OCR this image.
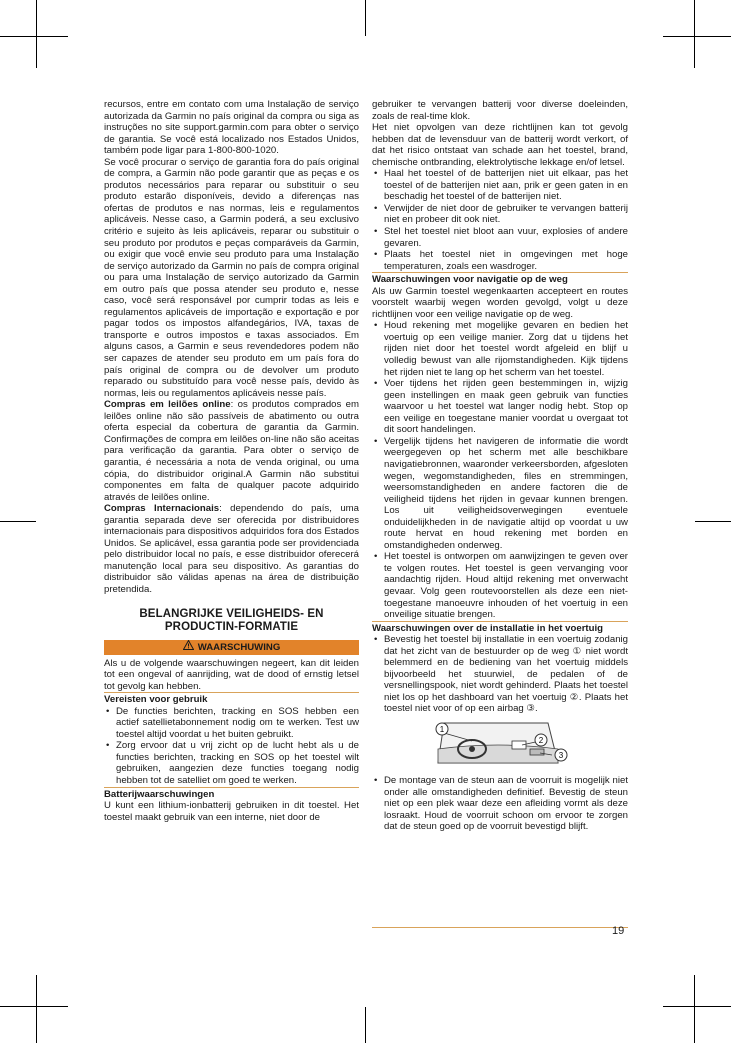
recursos, entre em contato com uma Instalação de serviço autorizada da Garmin no país original da compra ou siga as instruções no site support.garmin.com para obter o serviço de garantia. Se você está localizado nos Estados Unidos, também pode ligar para 1-800-800-1020.

Se você procurar o serviço de garantia fora do país original de compra, a Garmin não pode garantir que as peças e os produtos necessários para reparar ou substituir o seu produto estarão disponíveis, devido a diferenças nas ofertas de produtos e nas normas, leis e regulamentos aplicáveis. Nesse caso, a Garmin poderá, a seu exclusivo critério e sujeito às leis aplicáveis, reparar ou substituir o seu produto por produtos e peças comparáveis da Garmin, ou exigir que você envie seu produto para uma Instalação de serviço autorizado da Garmin no país de compra original ou para uma Instalação de serviço autorizado da Garmin em outro país que possa atender seu produto e, nesse caso, você será responsável por cumprir todas as leis e regulamentos aplicáveis de importação e exportação e por pagar todos os impostos alfandegários, IVA, taxas de transporte e outros impostos e taxas associados. Em alguns casos, a Garmin e seus revendedores podem não ser capazes de atender seu produto em um país fora do país original de compra ou de devolver um produto reparado ou substituído para você nesse país, devido às normas, leis ou regulamentos aplicáveis nesse país.

Compras em leilões online: os produtos comprados em leilões online não são passíveis de abatimento ou outra oferta especial da cobertura de garantia da Garmin. Confirmações de compra em leilões on-line não são aceitas para verificação da garantia. Para obter o serviço de garantia, é necessária a nota de venda original, ou uma cópia, do distribuidor original.A Garmin não substitui componentes em falta de qualquer pacote adquirido através de leilões online.

Compras Internacionais: dependendo do país, uma garantia separada deve ser oferecida por distribuidores internacionais para dispositivos adquiridos fora dos Estados Unidos. Se aplicável, essa garantia pode ser providenciada pelo distribuidor local no país, e esse distribuidor oferecerá manutenção local para seu dispositivo. As garantias do distribuidor são válidas apenas na área de distribuição pretendida.

BELANGRIJKE VEILIGHEIDS- EN PRODUCTIN-FORMATIE
WAARSCHUWING

Als u de volgende waarschuwingen negeert, kan dit leiden tot een ongeval of aanrijding, wat de dood of ernstig letsel tot gevolg kan hebben.

Vereisten voor gebruik

• De functies berichten, tracking en SOS hebben een actief satellietabonnement nodig om te werken. Test uw toestel altijd voordat u het buiten gebruikt.

• Zorg ervoor dat u vrij zicht op de lucht hebt als u de functies berichten, tracking en SOS op het toestel wilt gebruiken, aangezien deze functies toegang nodig hebben tot de satelliet om goed te werken.

Batterijwaarschuwingen

U kunt een lithium-ionbatterij gebruiken in dit toestel. Het toestel maakt gebruik van een interne, niet door de

gebruiker te vervangen batterij voor diverse doeleinden, zoals de real-time klok.

Het niet opvolgen van deze richtlijnen kan tot gevolg hebben dat de levensduur van de batterij wordt verkort, of dat het risico ontstaat van schade aan het toestel, brand, chemische ontbranding, elektrolytische lekkage en/of letsel.

• Haal het toestel of de batterijen niet uit elkaar, pas het toestel of de batterijen niet aan, prik er geen gaten in en beschadig het toestel of de batterijen niet.

• Verwijder de niet door de gebruiker te vervangen batterij niet en probeer dit ook niet.

• Stel het toestel niet bloot aan vuur, explosies of andere gevaren.

• Plaats het toestel niet in omgevingen met hoge temperaturen, zoals een wasdroger.

Waarschuwingen voor navigatie op de weg

Als uw Garmin toestel wegenkaarten accepteert en routes voorstelt waarbij wegen worden gevolgd, volgt u deze richtlijnen voor een veilige navigatie op de weg.

• Houd rekening met mogelijke gevaren en bedien het voertuig op een veilige manier. Zorg dat u tijdens het rijden niet door het toestel wordt afgeleid en blijf u volledig bewust van alle rijomstandigheden. Kijk tijdens het rijden niet te lang op het scherm van het toestel.

• Voer tijdens het rijden geen bestemmingen in, wijzig geen instellingen en maak geen gebruik van functies waarvoor u het toestel wat langer nodig hebt. Stop op een veilige en toegestane manier voordat u overgaat tot dit soort handelingen.

• Vergelijk tijdens het navigeren de informatie die wordt weergegeven op het scherm met alle beschikbare navigatiebronnen, waaronder verkeersborden, afgesloten wegen, wegomstandigheden, files en stremmingen, weersomstandigheden en andere factoren die de veiligheid tijdens het rijden in gevaar kunnen brengen. Los uit veiligheidsoverwegingen eventuele onduidelijkheden in de navigatie altijd op voordat u uw route hervat en houd rekening met borden en omstandigheden onderweg.

• Het toestel is ontworpen om aanwijzingen te geven over te volgen routes. Het toestel is geen vervanging voor aandachtig rijden. Houd altijd rekening met onverwacht gevaar. Volg geen routevoorstellen als deze een niet-toegestane manoeuvre inhouden of het voertuig in een onveilige situatie brengen.

Waarschuwingen over de installatie in het voertuig

• Bevestig het toestel bij installatie in een voertuig zodanig dat het zicht van de bestuurder op de weg ① niet wordt belemmerd en de bediening van het voertuig middels bijvoorbeeld het stuurwiel, de pedalen of de versnellingspook, niet wordt gehinderd. Plaats het toestel niet los op het dashboard van het voertuig ②. Plaats het toestel niet voor of op een airbag ③.

1
2
3

• De montage van de steun aan de voorruit is mogelijk niet onder alle omstandigheden definitief. Bevestig de steun niet op een plek waar deze een afleiding vormt als deze losraakt. Houd de voorruit schoon om ervoor te zorgen dat de steun goed op de voorruit bevestigd blijft.

19
